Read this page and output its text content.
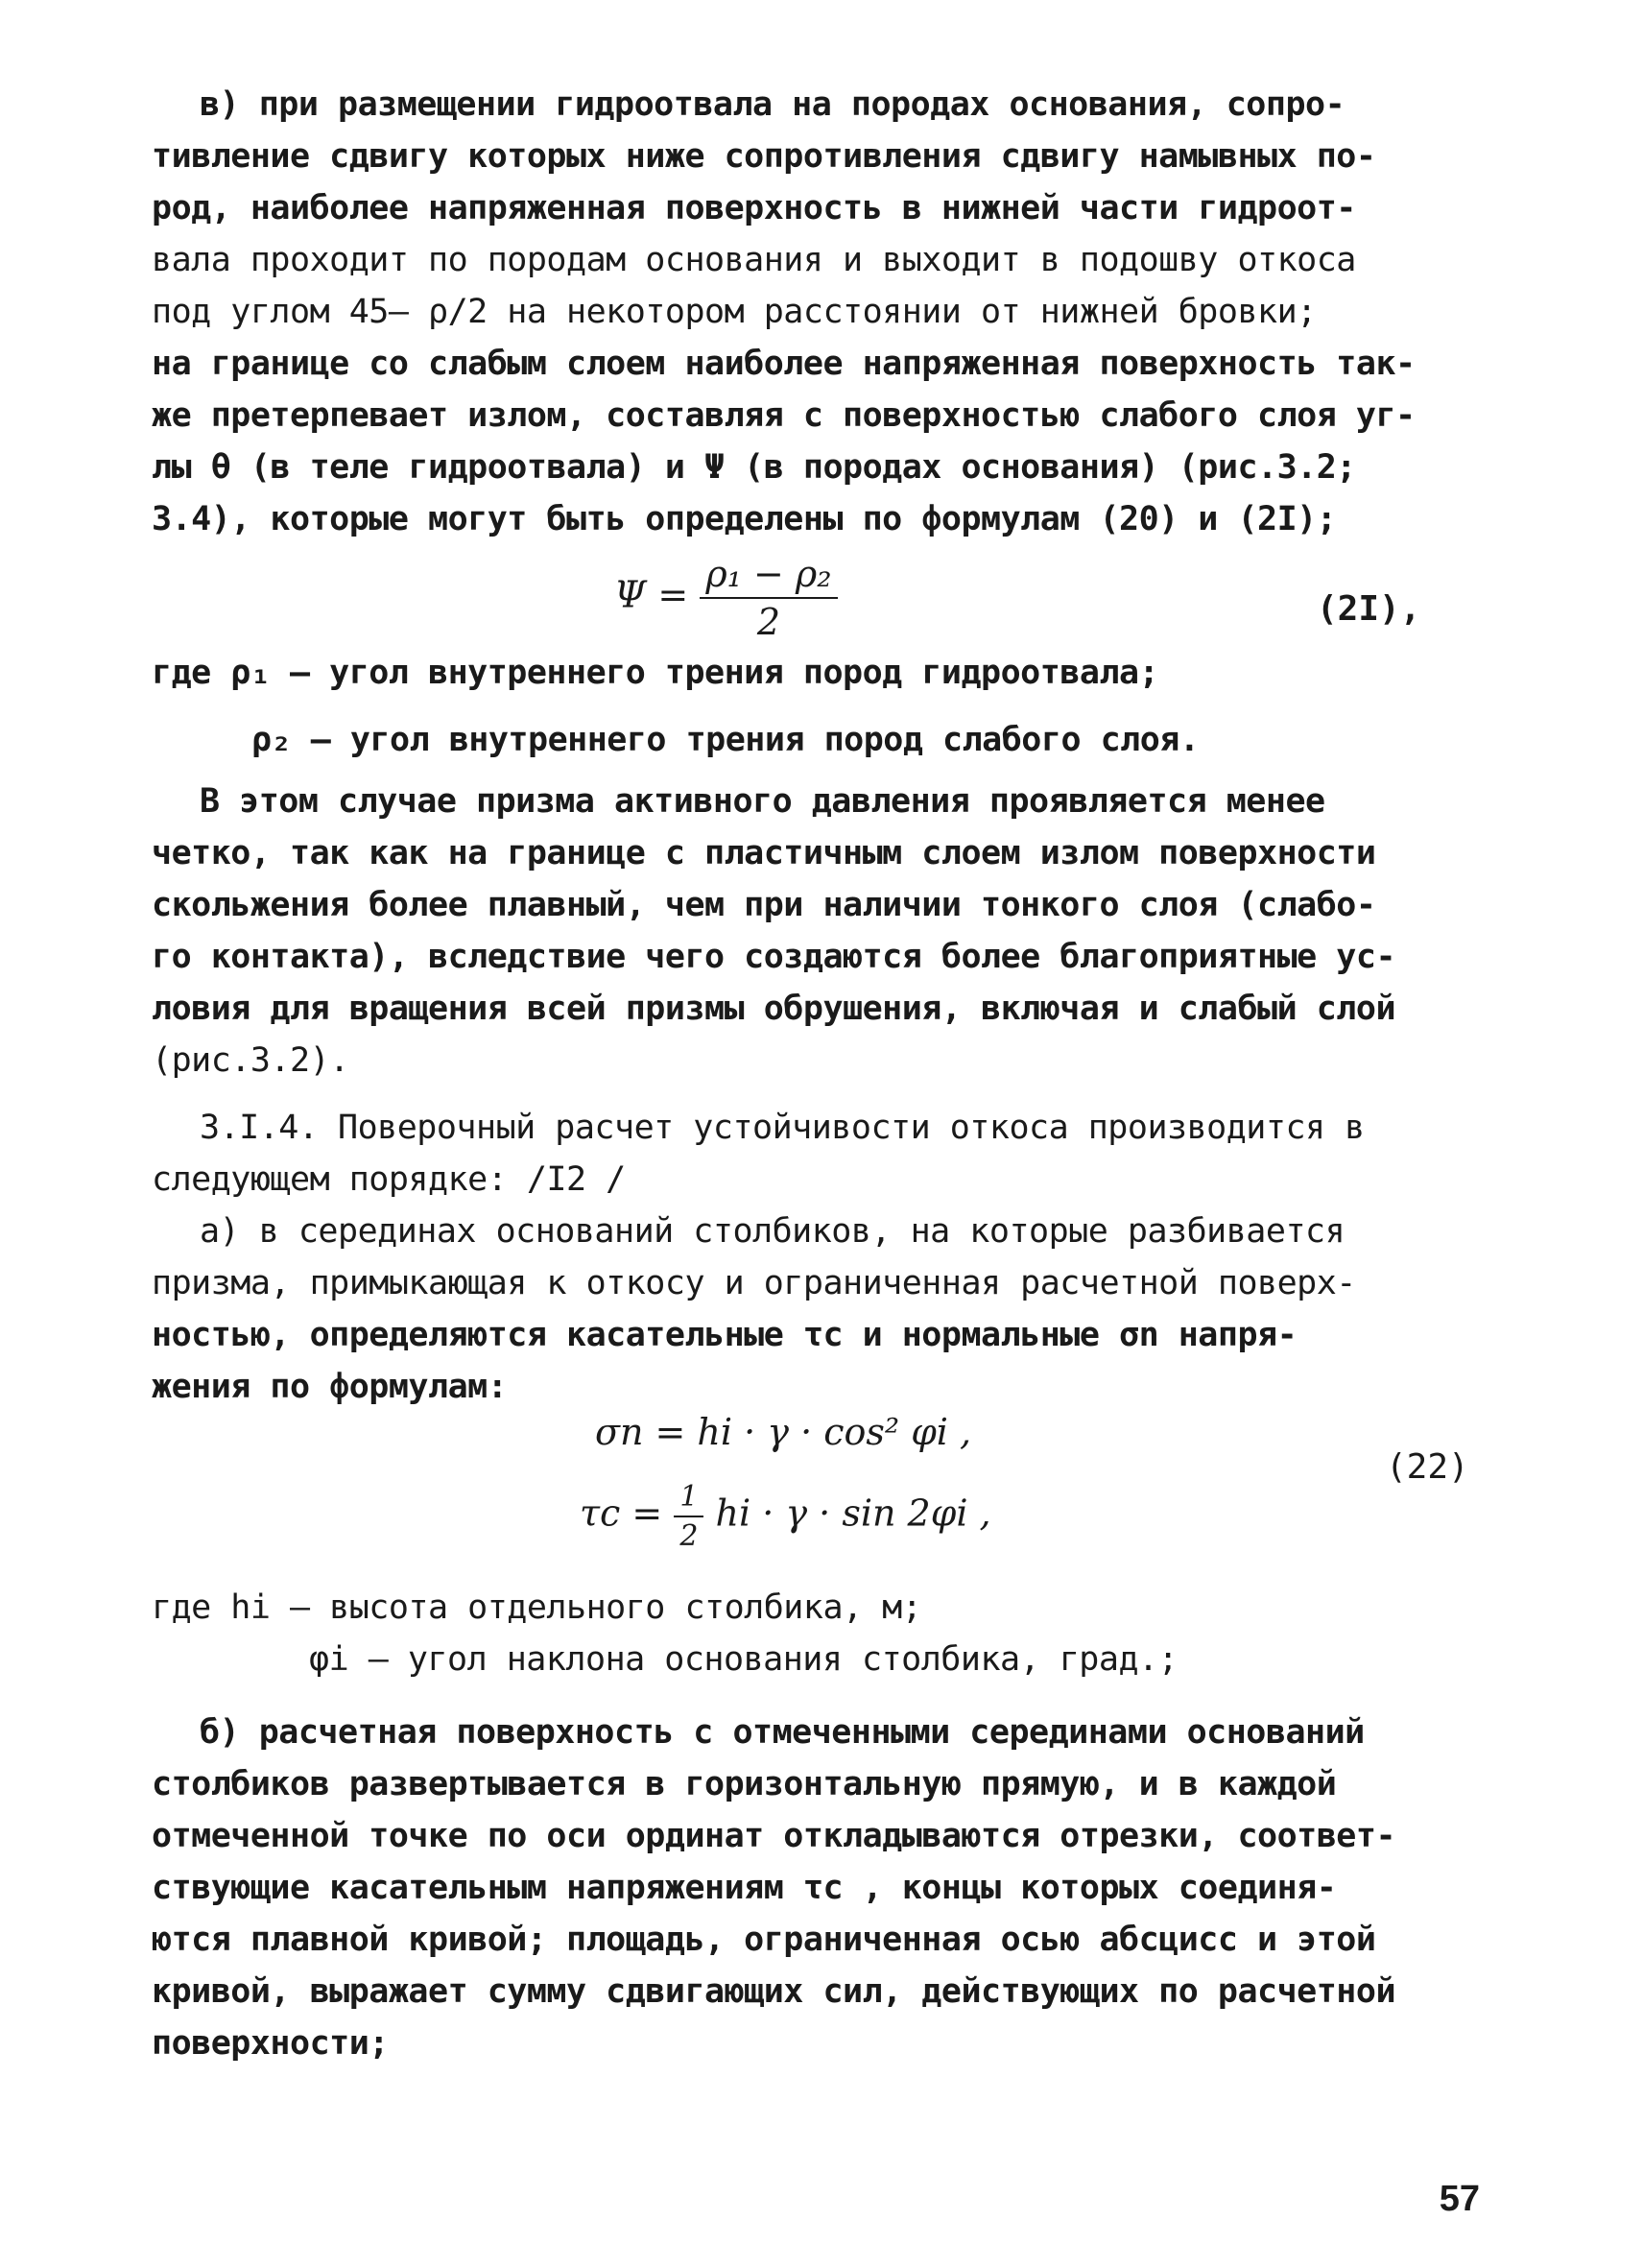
в) при размещении гидроотвала на породах основания, сопро-
тивление сдвигу которых ниже сопротивления сдвигу намывных по-
род, наиболее напряженная поверхность в нижней части гидроот-
вала проходит по породам основания и выходит в подошву откоса
под углом 45– ρ/2 на некотором расстоянии от нижней бровки;
на границе со слабым слоем наиболее напряженная поверхность так-
же претерпевает излом, составляя с поверхностью слабого слоя уг-
лы θ (в теле гидроотвала) и Ψ (в породах основания) (рис.3.2;
3.4), которые могут быть определены по формулам (20) и (2I);
$\Psi = \frac{\text{ρ₁ − ρ₂}}{2}$	(2I),
где ρ₁ – угол внутреннего трения пород гидроотвала;
ρ₂ – угол внутреннего трения пород слабого слоя.
В этом случае призма активного давления проявляется менее
четко, так как на границе с пластичным слоем излом поверхности
скольжения более плавный, чем при наличии тонкого слоя (слабо-
го контакта), вследствие чего создаются более благоприятные ус-
ловия для вращения всей призмы обрушения, включая и слабый слой
(рис.3.2).
3.I.4. Поверочный расчет устойчивости откоса производится в
следующем порядке: /I2 /
а) в серединах оснований столбиков, на которые разбивается
призма, примыкающая к откосу и ограниченная расчетной поверх-
ностью, определяются касательные τc и нормальные σn напря-
жения по формулам:
σn = hi · γ · cos² φi ,
$\tau c = \frac{1}{2}$ hi · γ · sin 2φi ,
(22)
где hi – высота отдельного столбика, м;
φi – угол наклона основания столбика, град.;
б) расчетная поверхность с отмеченными серединами оснований
столбиков развертывается в горизонтальную прямую, и в каждой
отмеченной точке по оси ординат откладываются отрезки, соответ-
ствующие касательным напряжениям τc , концы которых соединя-
ются плавной кривой; площадь, ограниченная осью абсцисс и этой
кривой, выражает сумму сдвигающих сил, действующих по расчетной
поверхности;
57
